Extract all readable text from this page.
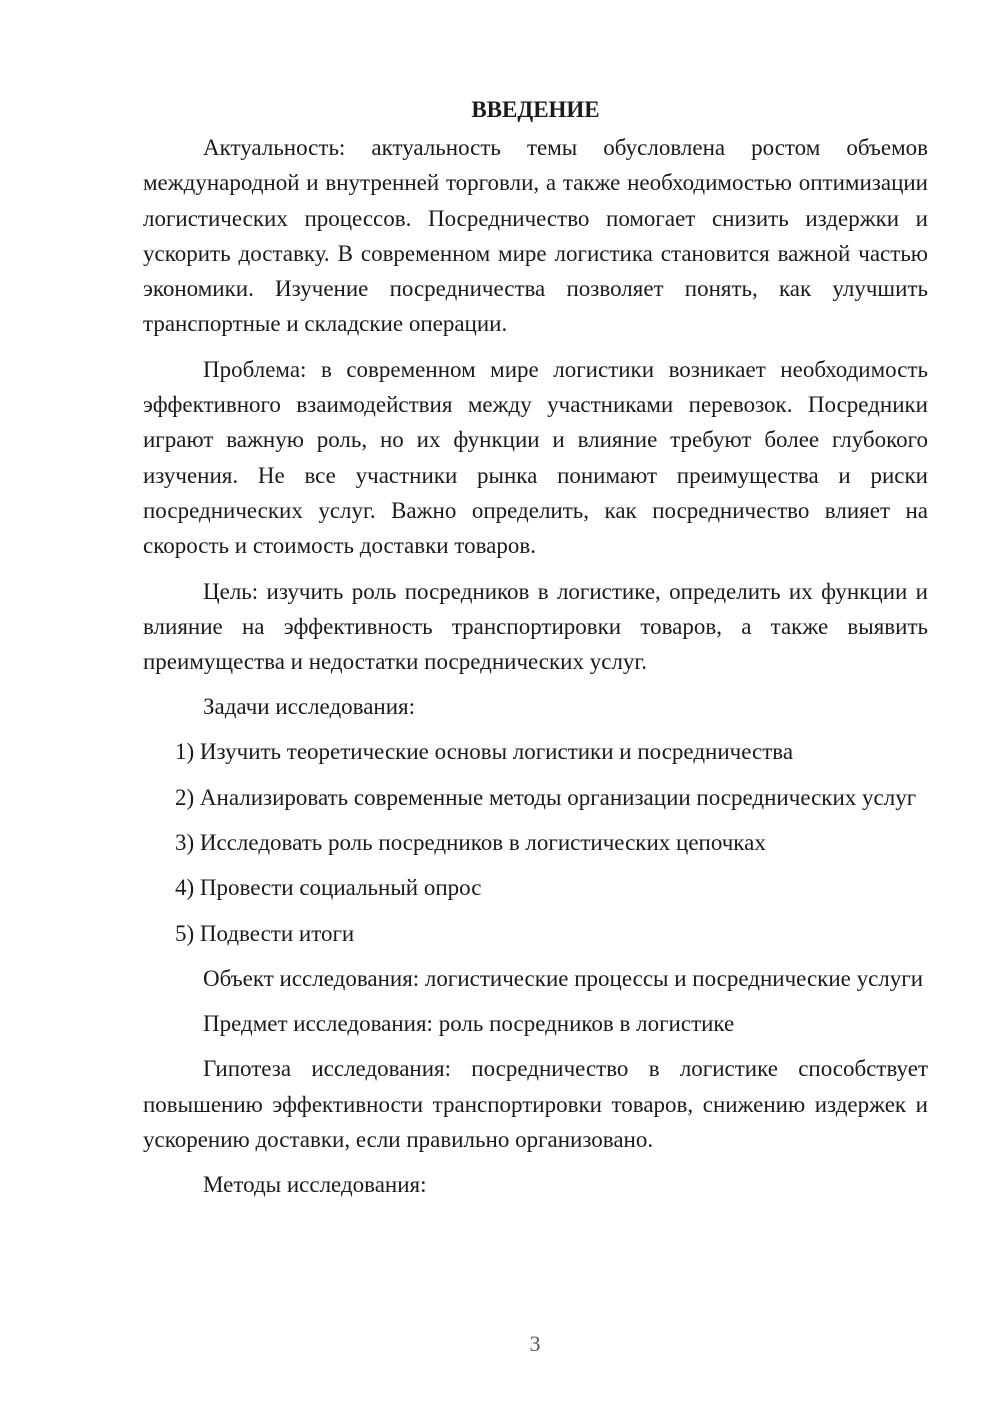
ВВЕДЕНИЕ

Актуальность: актуальность темы обусловлена ростом объемов международной и внутренней торговли, а также необходимостью оптимизации логистических процессов. Посредничество помогает снизить издержки и ускорить доставку. В современном мире логистика становится важной частью экономики. Изучение посредничества позволяет понять, как улучшить транспортные и складские операции.

Проблема: в современном мире логистики возникает необходимость эффективного взаимодействия между участниками перевозок. Посредники играют важную роль, но их функции и влияние требуют более глубокого изучения. Не все участники рынка понимают преимущества и риски посреднических услуг. Важно определить, как посредничество влияет на скорость и стоимость доставки товаров.

Цель: изучить роль посредников в логистике, определить их функции и влияние на эффективность транспортировки товаров, а также выявить преимущества и недостатки посреднических услуг.

Задачи исследования:

1) Изучить теоретические основы логистики и посредничества

2) Анализировать современные методы организации посреднических услуг

3) Исследовать роль посредников в логистических цепочках

4) Провести социальный опрос

5) Подвести итоги

Объект исследования: логистические процессы и посреднические услуги

Предмет исследования: роль посредников в логистике

Гипотеза исследования: посредничество в логистике способствует повышению эффективности транспортировки товаров, снижению издержек и ускорению доставки, если правильно организовано.

Методы исследования:

3
